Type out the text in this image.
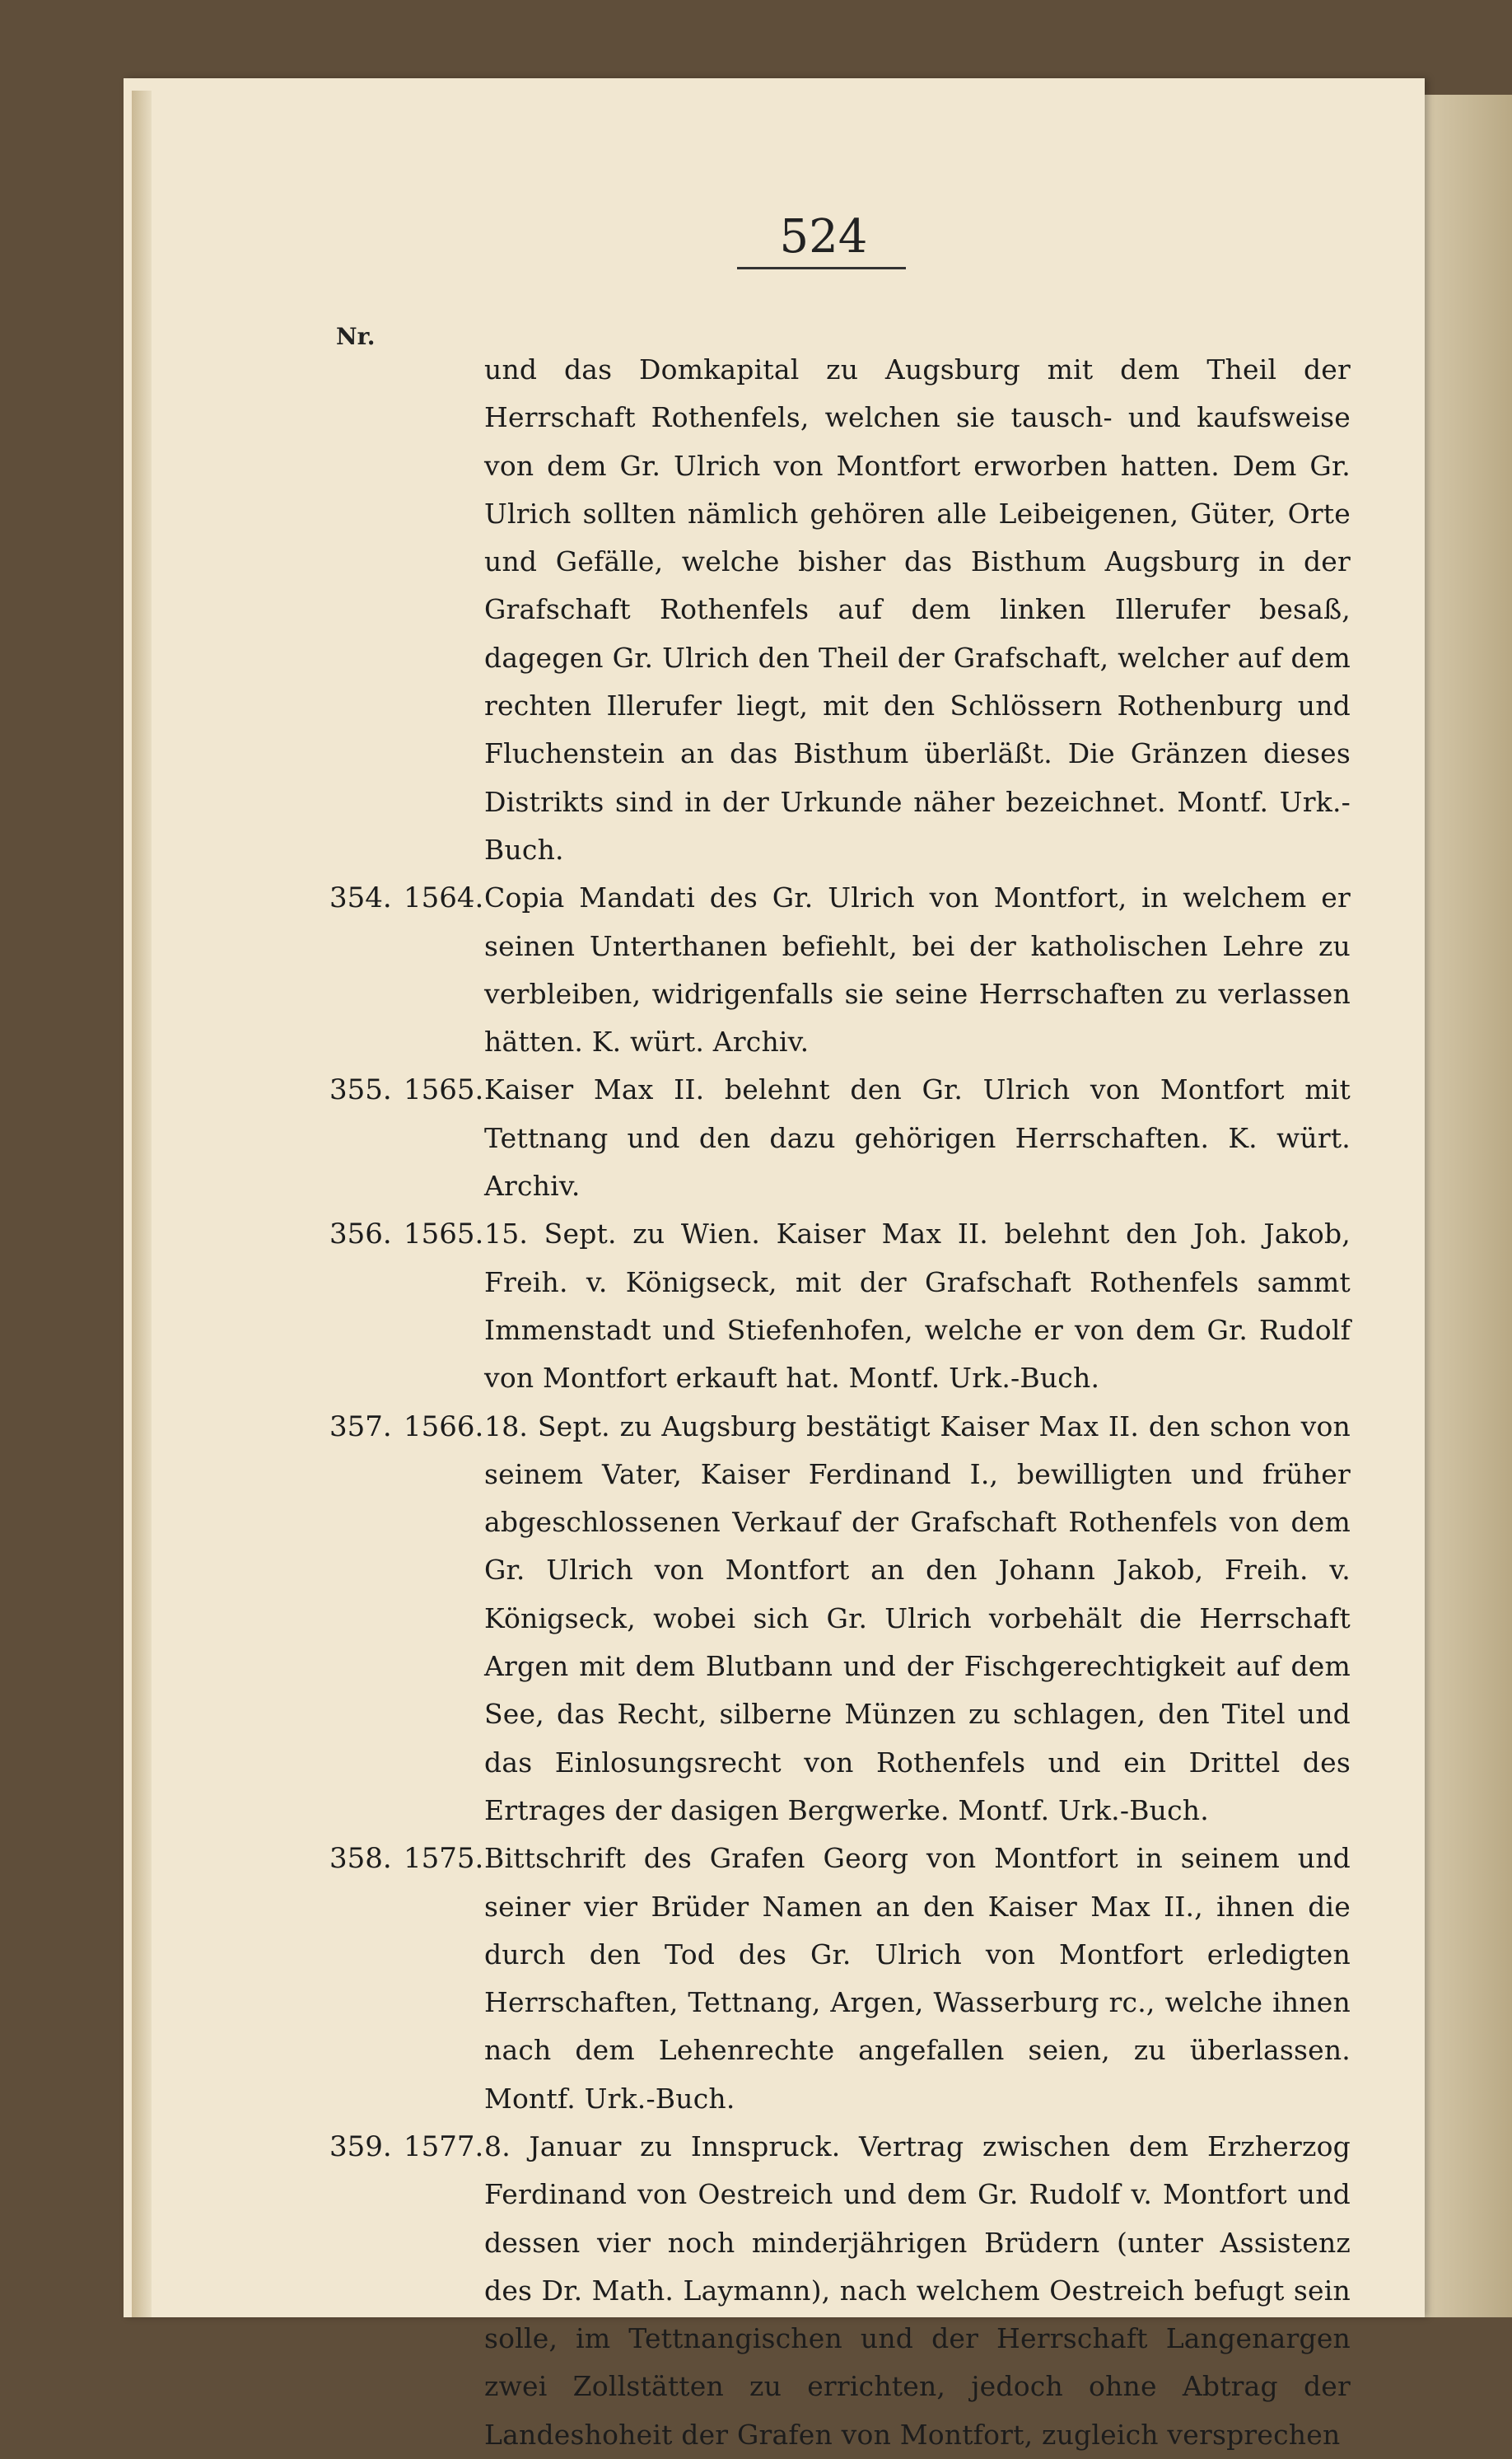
524
Nr.
und das Domkapital zu Augsburg mit dem Theil der Herrschaft Rothenfels, welchen sie tausch- und kaufsweise von dem Gr. Ulrich von Montfort erworben hatten. Dem Gr. Ulrich sollten nämlich gehören alle Leibeigenen, Güter, Orte und Gefälle, welche bisher das Bisthum Augsburg in der Grafschaft Rothenfels auf dem linken Illerufer besaß, dagegen Gr. Ulrich den Theil der Grafschaft, welcher auf dem rechten Illerufer liegt, mit den Schlössern Rothenburg und Fluchenstein an das Bisthum überläßt. Die Gränzen dieses Distrikts sind in der Urkunde näher bezeichnet. Montf. Urk.-Buch.
354. 1564. Copia Mandati des Gr. Ulrich von Montfort, in welchem er seinen Unterthanen befiehlt, bei der katholischen Lehre zu verbleiben, widrigenfalls sie seine Herrschaften zu verlassen hätten. K. würt. Archiv.
355. 1565. Kaiser Max II. belehnt den Gr. Ulrich von Montfort mit Tettnang und den dazu gehörigen Herrschaften. K. würt. Archiv.
356. 1565. 15. Sept. zu Wien. Kaiser Max II. belehnt den Joh. Jakob, Freih. v. Königseck, mit der Grafschaft Rothenfels sammt Immenstadt und Stiefenhofen, welche er von dem Gr. Rudolf von Montfort erkauft hat. Montf. Urk.-Buch.
357. 1566. 18. Sept. zu Augsburg bestätigt Kaiser Max II. den schon von seinem Vater, Kaiser Ferdinand I., bewilligten und früher abgeschlossenen Verkauf der Grafschaft Rothenfels von dem Gr. Ulrich von Montfort an den Johann Jakob, Freih. v. Königseck, wobei sich Gr. Ulrich vorbehält die Herrschaft Argen mit dem Blutbann und der Fischgerechtigkeit auf dem See, das Recht, silberne Münzen zu schlagen, den Titel und das Einlosungsrecht von Rothenfels und ein Drittel des Ertrages der dasigen Bergwerke. Montf. Urk.-Buch.
358. 1575. Bittschrift des Grafen Georg von Montfort in seinem und seiner vier Brüder Namen an den Kaiser Max II., ihnen die durch den Tod des Gr. Ulrich von Montfort erledigten Herrschaften, Tettnang, Argen, Wasserburg rc., welche ihnen nach dem Lehenrechte angefallen seien, zu überlassen. Montf. Urk.-Buch.
359. 1577. 8. Januar zu Innspruck. Vertrag zwischen dem Erzherzog Ferdinand von Oestreich und dem Gr. Rudolf v. Montfort und dessen vier noch minderjährigen Brüdern (unter Assistenz des Dr. Math. Laymann), nach welchem Oestreich befugt sein solle, im Tettnangischen und der Herrschaft Langenargen zwei Zollstätten zu errichten, jedoch ohne Abtrag der Landeshoheit der Grafen von Montfort, zugleich versprechen
